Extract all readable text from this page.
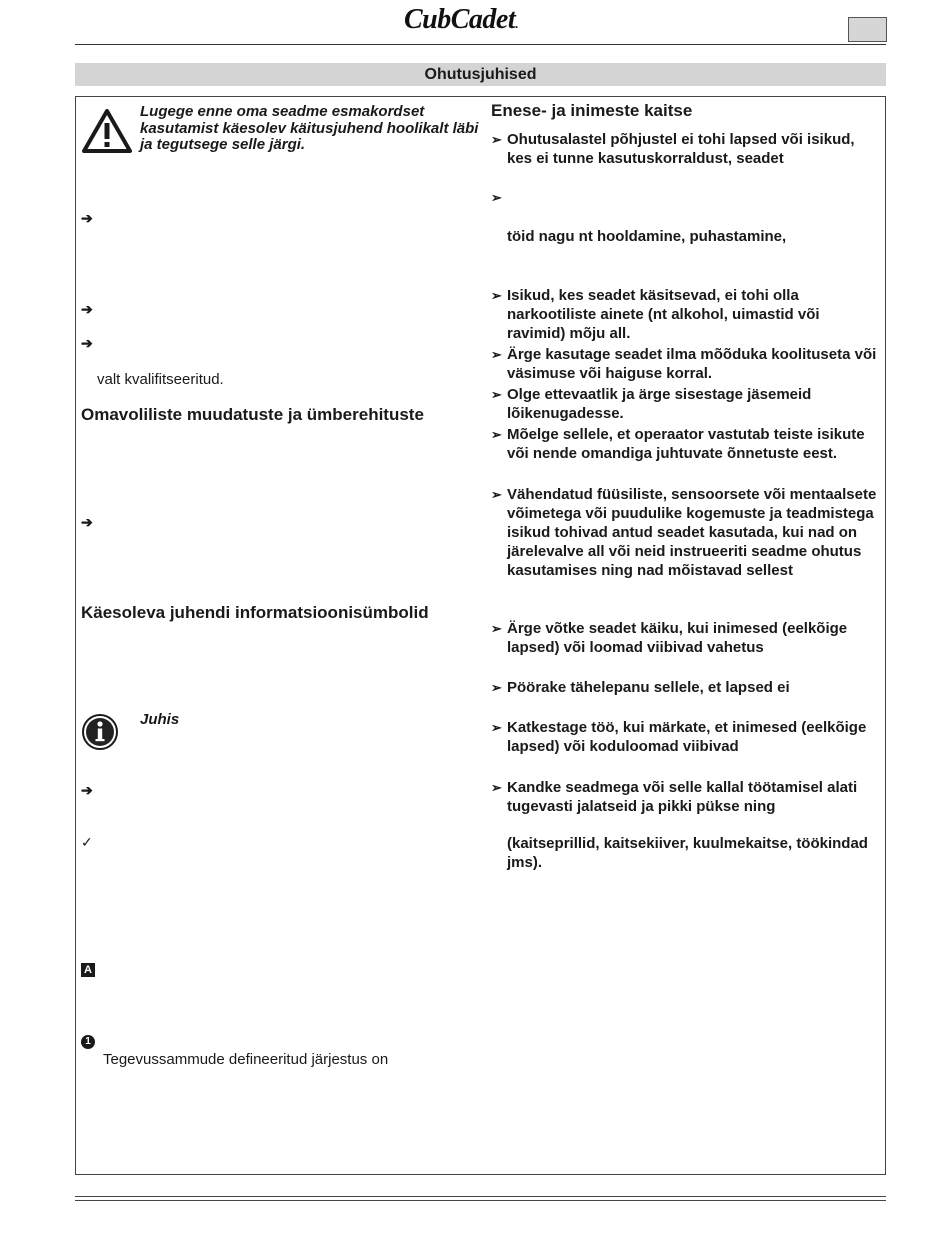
CubCadet.
Ohutusjuhised
Lugege enne oma seadme esmakordset kasutamist käesolev käitusjuhend hoolikalt läbi ja tegutsege selle järgi.
➔
➔
➔
valt kvalifitseeritud.
Omavoliliste muudatuste ja ümberehituste
➔
Käesoleva juhendi informatsioonisümbolid
Juhis
➔
✓
A
1
Tegevussammude defineeritud järjestus on
Enese- ja inimeste kaitse
➢ Ohutusalastel põhjustel ei tohi lapsed või isikud, kes ei tunne kasutuskorraldust, seadet
➢
töid nagu nt hooldamine, puhastamine,
➢ Isikud, kes seadet käsitsevad, ei tohi olla narkootiliste ainete (nt alkohol, uimastid või ravimid) mõju all.
➢ Ärge kasutage seadet ilma mõõduka koolituseta või väsimuse või haiguse korral.
➢ Olge ettevaatlik ja ärge sisestage jäsemeid lõikenugadesse.
➢ Mõelge sellele, et operaator vastutab teiste isikute või nende omandiga juhtuvate õnnetuste eest.
➢ Vähendatud füüsiliste, sensoorsete või mentaalsete võimetega või puudulike kogemuste ja teadmistega isikud tohivad antud seadet kasutada, kui nad on järelevalve all või neid instrueeriti seadme ohutus kasutamises ning nad mõistavad sellest
➢ Ärge võtke seadet käiku, kui inimesed (eelkõige lapsed) või loomad viibivad vahetus
➢ Pöörake tähelepanu sellele, et lapsed ei
➢ Katkestage töö, kui märkate, et inimesed (eelkõige lapsed) või koduloomad viibivad
➢ Kandke seadmega või selle kallal töötamisel alati tugevasti jalatseid ja pikki pükse ning
(kaitseprillid, kaitsekiiver, kuulmekaitse, töökindad jms).
